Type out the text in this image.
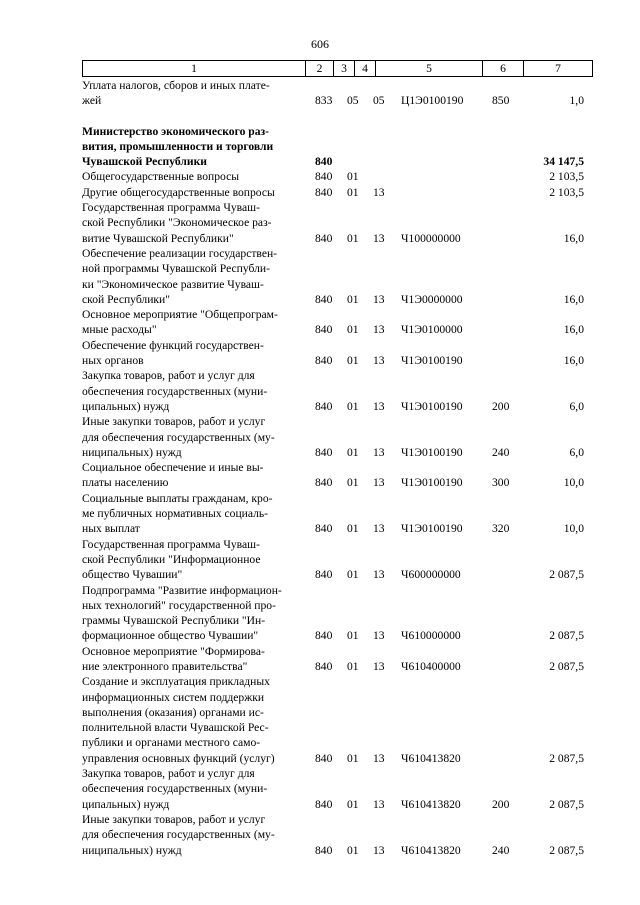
606
1	2	3	4	5	6	7
Уплата налогов, сборов и иных плате-
жей	833 05 05 Ц1Э0100190 850	1,0
Министерство экономического раз-
вития, промышленности и торговли
Чувашской Республики	840	34 147,5
Общегосударственные вопросы	840 01	2 103,5
Другие общегосударственные вопросы	840 01 13	2 103,5
Государственная программа Чуваш-
ской Республики "Экономическое раз-
витие Чувашской Республики"	840 01 13 Ч100000000	16,0
Обеспечение реализации государствен-
ной программы Чувашской Республи-
ки "Экономическое развитие Чуваш-
ской Республики"	840 01 13 Ч1Э0000000	16,0
Основное мероприятие "Общепрограм-
мные расходы"	840 01 13 Ч1Э0100000	16,0
Обеспечение функций государствен-
ных органов	840 01 13 Ч1Э0100190	16,0
Закупка товаров, работ и услуг для
обеспечения государственных (муни-
ципальных) нужд	840 01 13 Ч1Э0100190	200	6,0
Иные закупки товаров, работ и услуг
для обеспечения государственных (му-
ниципальных) нужд	840 01 13 Ч1Э0100190	240	6,0
Социальное обеспечение и иные вы-
платы населению	840 01 13 Ч1Э0100190	300	10,0
Социальные выплаты гражданам, кро-
ме публичных нормативных социаль-
ных выплат	840 01 13 Ч1Э0100190	320	10,0
Государственная программа Чуваш-
ской Республики "Информационное
общество Чувашии"	840 01 13 Ч600000000	2 087,5
Подпрограмма "Развитие информацион-
ных технологий" государственной про-
граммы Чувашской Республики "Ин-
формационное общество Чувашии"	840 01 13 Ч610000000	2 087,5
Основное мероприятие "Формирова-
ние электронного правительства"	840 01 13 Ч610400000	2 087,5
Создание и эксплуатация прикладных
информационных систем поддержки
выполнения (оказания) органами ис-
полнительной власти Чувашской Рес-
публики и органами местного само-
управления основных функций (услуг)	840 01 13 Ч610413820	2 087,5
Закупка товаров, работ и услуг для
обеспечения государственных (муни-
ципальных) нужд	840 01 13 Ч610413820	200	2 087,5
Иные закупки товаров, работ и услуг
для обеспечения государственных (му-
ниципальных) нужд	840 01 13 Ч610413820	240	2 087,5
